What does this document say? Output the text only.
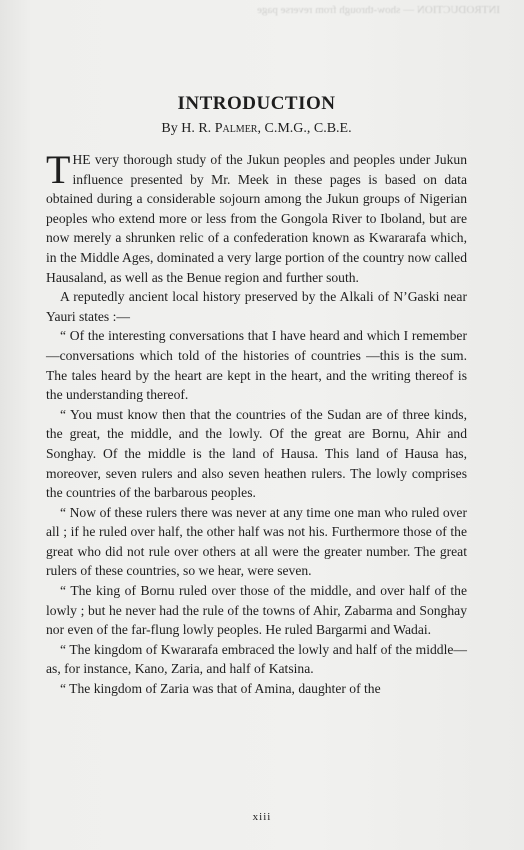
INTRODUCTION — show-through from reverse page
INTRODUCTION
By H. R. Palmer, C.M.G., C.B.E.

THE very thorough study of the Jukun peoples and peoples under Jukun influence presented by Mr. Meek in these pages is based on data obtained during a considerable sojourn among the Jukun groups of Nigerian peoples who extend more or less from the Gongola River to Iboland, but are now merely a shrunken relic of a confederation known as Kwararafa which, in the Middle Ages, dominated a very large portion of the country now called Hausaland, as well as the Benue region and further south.

A reputedly ancient local history preserved by the Alkali of N’Gaski near Yauri states :—

“ Of the interesting conversations that I have heard and which I remember—conversations which told of the histories of countries —this is the sum. The tales heard by the heart are kept in the heart, and the writing thereof is the understanding thereof.

“ You must know then that the countries of the Sudan are of three kinds, the great, the middle, and the lowly. Of the great are Bornu, Ahir and Songhay. Of the middle is the land of Hausa. This land of Hausa has, moreover, seven rulers and also seven heathen rulers. The lowly comprises the countries of the barbarous peoples.

“ Now of these rulers there was never at any time one man who ruled over all ; if he ruled over half, the other half was not his. Furthermore those of the great who did not rule over others at all were the greater number. The great rulers of these countries, so we hear, were seven.

“ The king of Bornu ruled over those of the middle, and over half of the lowly ; but he never had the rule of the towns of Ahir, Zabarma and Songhay nor even of the far-flung lowly peoples. He ruled Bargarmi and Wadai.

“ The kingdom of Kwararafa embraced the lowly and half of the middle—as, for instance, Kano, Zaria, and half of Katsina.

“ The kingdom of Zaria was that of Amina, daughter of the

xiii
